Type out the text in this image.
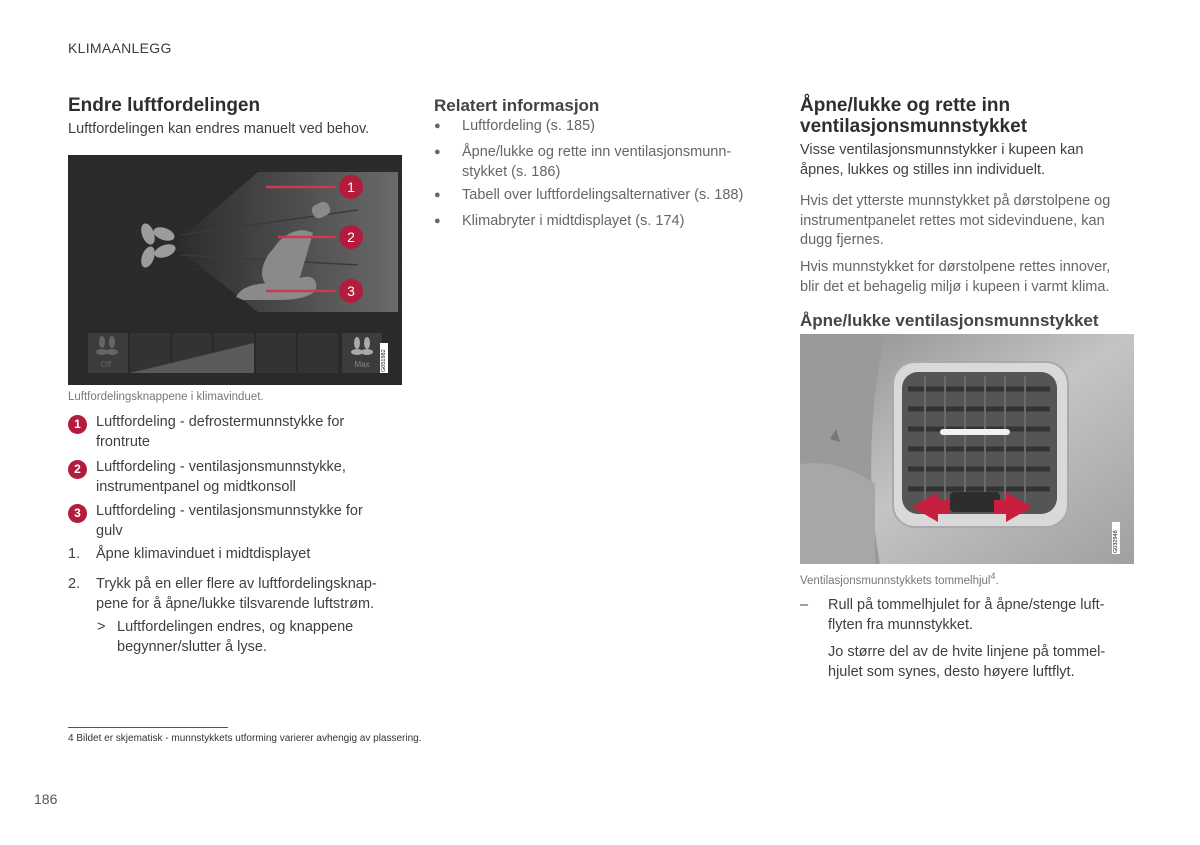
KLIMAANLEGG
Endre luftfordelingen
Luftfordelingen kan endres manuelt ved behov.
1
2
3
Off	Max G051982
Luftfordelingsknappene i klimavinduet.
1	Luftfordeling - defrostermunnstykke for
frontrute
2	Luftfordeling - ventilasjonsmunnstykke,
instrumentpanel og midtkonsoll
3	Luftfordeling - ventilasjonsmunnstykke for
gulv
1. Åpne klimavinduet i midtdisplayet
2. Trykk på en eller flere av luftfordelingsknap-
pene for å åpne/lukke tilsvarende luftstrøm.
> Luftfordelingen endres, og knappene
begynner/slutter å lyse.
Relatert informasjon
● Luftfordeling (s. 185)
● Åpne/lukke og rette inn ventilasjonsmunn-
stykket (s. 186)
● Tabell over luftfordelingsalternativer (s. 188)
● Klimabryter i midtdisplayet (s. 174)
Åpne/lukke og rette inn
ventilasjonsmunnstykket
Visse ventilasjonsmunnstykker i kupeen kan
åpnes, lukkes og stilles inn individuelt.
Hvis det ytterste munnstykket på dørstolpene og
instrumentpanelet rettes mot sidevinduene, kan
dugg fjernes.
Hvis munnstykket for dørstolpene rettes innover,
blir det et behagelig miljø i kupeen i varmt klima.
Åpne/lukke ventilasjonsmunnstykket
G032948
Ventilasjonsmunnstykkets tommelhjul$^4$.
– Rull på tommelhjulet for å åpne/stenge luft-
flyten fra munnstykket.
Jo større del av de hvite linjene på tommel-
hjulet som synes, desto høyere luftflyt.
4 Bildet er skjematisk - munnstykkets utforming varierer avhengig av plassering.
186
